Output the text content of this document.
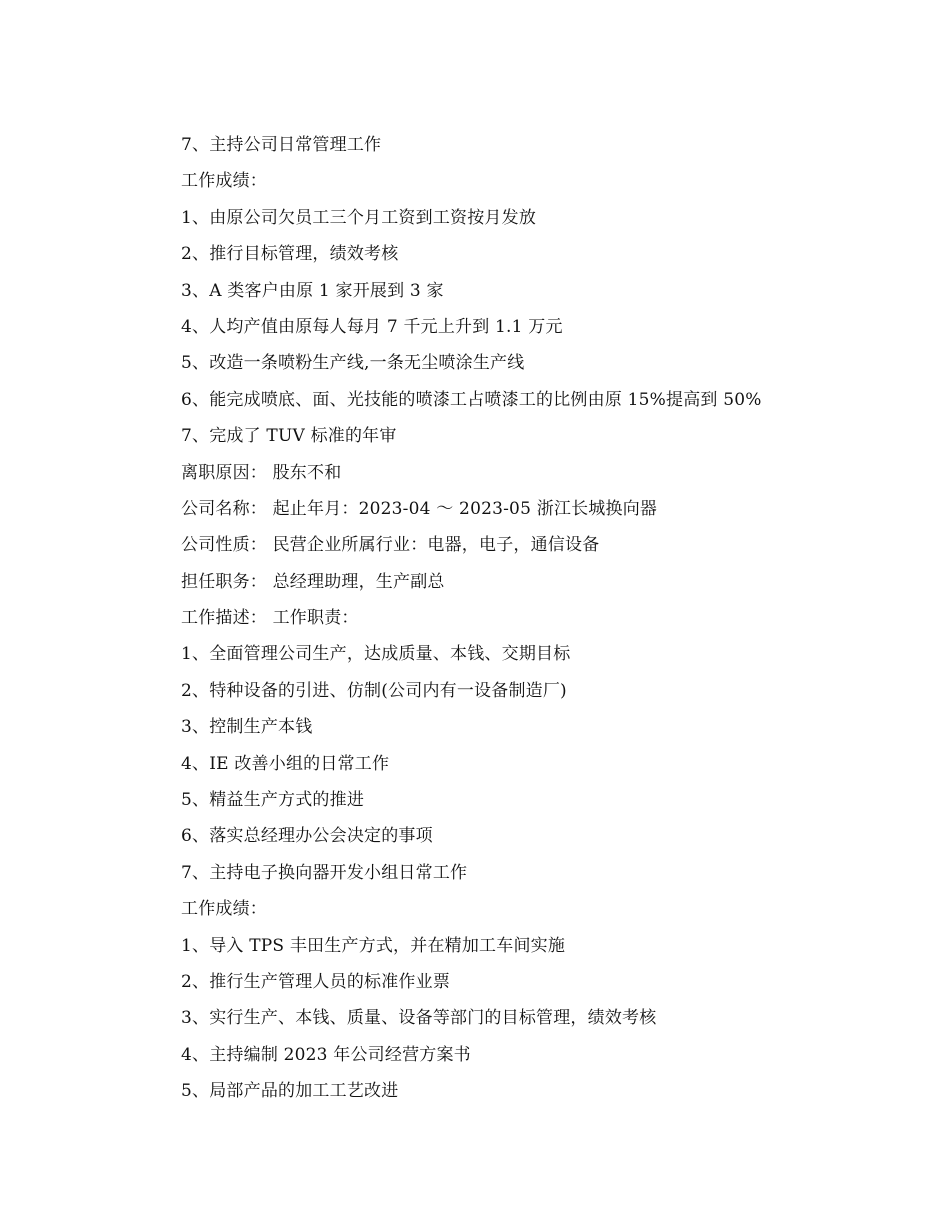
7、主持公司日常管理工作
工作成绩：
1、由原公司欠员工三个月工资到工资按月发放
2、推行目标管理，绩效考核
3、A 类客户由原 1 家开展到 3 家
4、人均产值由原每人每月 7 千元上升到 1.1 万元
5、改造一条喷粉生产线,一条无尘喷涂生产线
6、能完成喷底、面、光技能的喷漆工占喷漆工的比例由原 15%提高到 50%
7、完成了 TUV 标准的年审
离职原因： 股东不和
公司名称： 起止年月：2023-04 ～ 2023-05 浙江长城换向器
公司性质： 民营企业所属行业：电器，电子，通信设备
担任职务： 总经理助理，生产副总
工作描述： 工作职责：
1、全面管理公司生产，达成质量、本钱、交期目标
2、特种设备的引进、仿制(公司内有一设备制造厂)
3、控制生产本钱
4、IE 改善小组的日常工作
5、精益生产方式的推进
6、落实总经理办公会决定的事项
7、主持电子换向器开发小组日常工作
工作成绩：
1、导入 TPS 丰田生产方式，并在精加工车间实施
2、推行生产管理人员的标准作业票
3、实行生产、本钱、质量、设备等部门的目标管理，绩效考核
4、主持编制 2023 年公司经营方案书
5、局部产品的加工工艺改进
